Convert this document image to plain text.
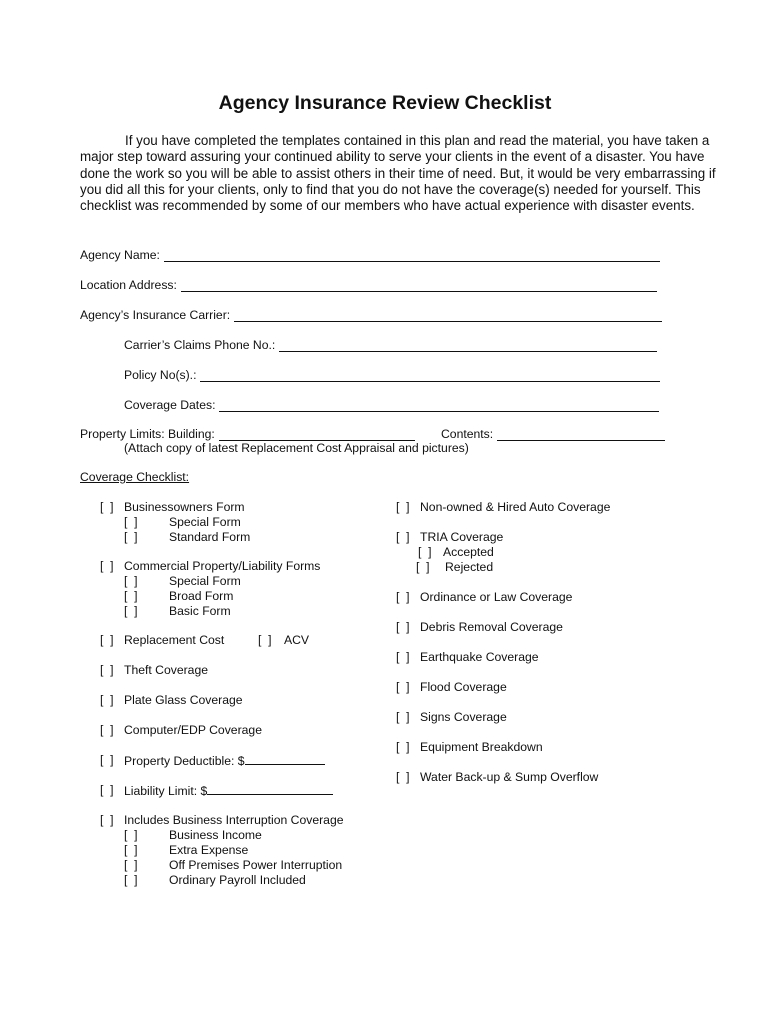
Agency Insurance Review Checklist

If you have completed the templates contained in this plan and read the material, you have taken a major step toward assuring your continued ability to serve your clients in the event of a disaster. You have done the work so you will be able to assist others in their time of need. But, it would be very embarrassing if you did all this for your clients, only to find that you do not have the coverage(s) needed for yourself. This checklist was recommended by some of our members who have actual experience with disaster events.

Agency Name:
Location Address:
Agency’s Insurance Carrier:
Carrier’s Claims Phone No.:
Policy No(s).:
Coverage Dates:
Property Limits: Building:	Contents:
(Attach copy of latest Replacement Cost Appraisal and pictures)
Coverage Checklist:
[  ] Businessowners Form
[  ]	Special Form
[  ]	Standard Form
[  ] Commercial Property/Liability Forms
[  ]	Special Form
[  ]	Broad Form
[  ]	Basic Form
[  ] Replacement Cost	[  ] ACV
[  ] Theft Coverage
[  ] Plate Glass Coverage
[  ] Computer/EDP Coverage
[  ] Property Deductible: $
[  ] Liability Limit: $
[  ] Includes Business Interruption Coverage
[  ]	Business Income
[  ]	Extra Expense
[  ]	Off Premises Power Interruption
[  ]	Ordinary Payroll Included
[  ] Non-owned & Hired Auto Coverage
[  ] TRIA Coverage
[  ] Accepted
[  ] Rejected
[  ] Ordinance or Law Coverage
[  ] Debris Removal Coverage
[  ] Earthquake Coverage
[  ] Flood Coverage
[  ] Signs Coverage
[  ] Equipment Breakdown
[  ] Water Back-up & Sump Overflow
